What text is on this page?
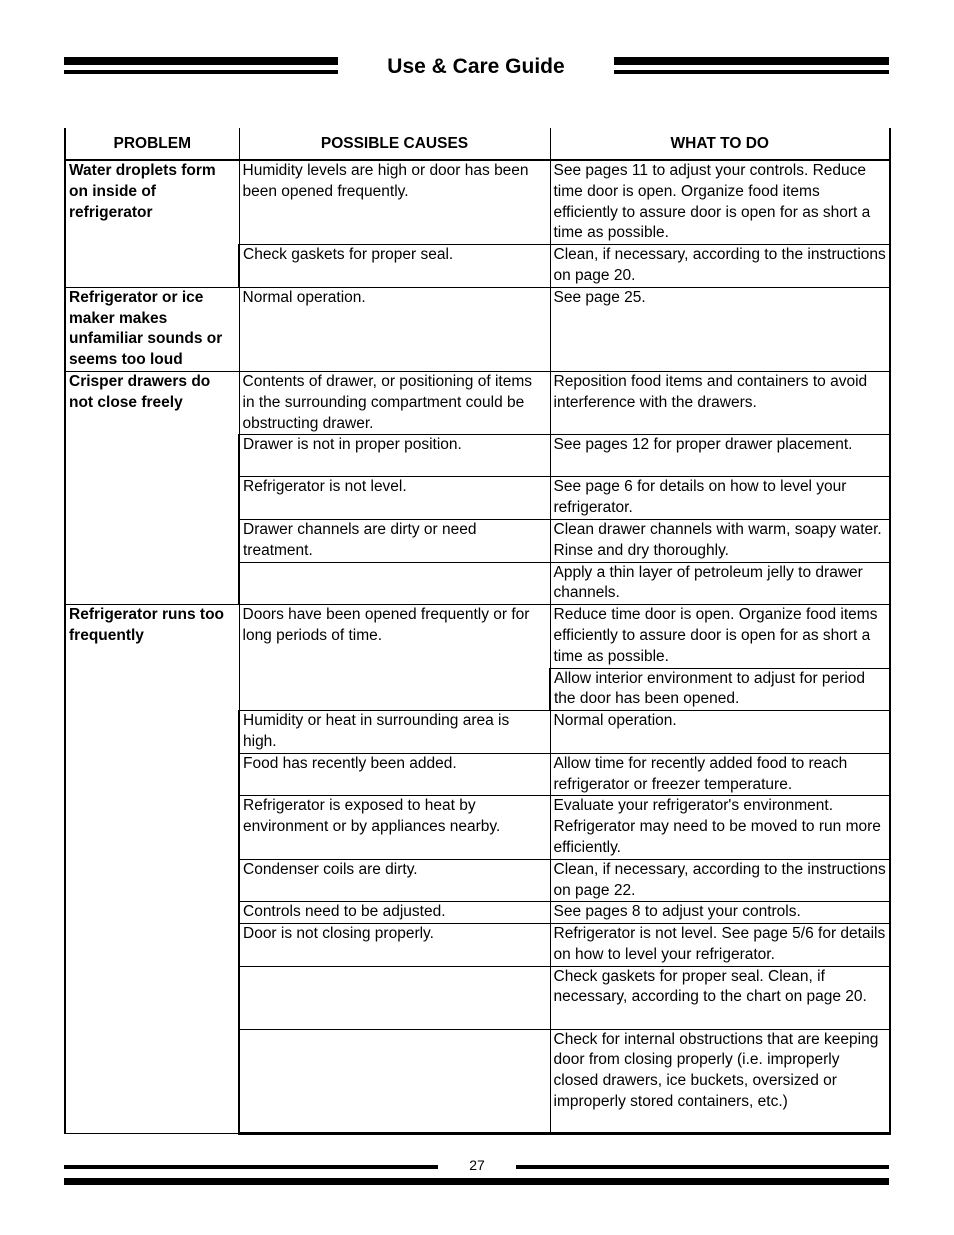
Use & Care Guide
PROBLEM	POSSIBLE CAUSES	WHAT TO DO
Water droplets form on inside of refrigerator	Humidity levels are high or door has been been opened frequently.	See pages 11 to adjust your controls. Reduce time door is open. Organize food items efficiently to assure door is open for as short a time as possible.
	Check gaskets for proper seal.	Clean, if necessary, according to the instructions on page 20.
Refrigerator or ice maker makes unfamiliar sounds or seems too loud	Normal operation.	See page 25.
Crisper drawers do not close freely	Contents of drawer, or positioning of items in the surrounding compartment could be obstructing drawer.	Reposition food items and containers to avoid interference with the drawers.
	Drawer is not in proper position.	See pages 12 for proper drawer placement.
	Refrigerator is not level.	See page 6 for details on how to level your refrigerator.
	Drawer channels are dirty or need treatment.	Clean drawer channels with warm, soapy water. Rinse and dry thoroughly.
		Apply a thin layer of petroleum jelly to drawer channels.
Refrigerator runs too frequently	Doors have been opened frequently or for long periods of time.	Reduce time door is open. Organize food items efficiently to assure door is open for as short a time as possible.
		Allow interior environment to adjust for period the door has been opened.
	Humidity or heat in surrounding area is high.	Normal operation.
	Food has recently been added.	Allow time for recently added food to reach refrigerator or freezer temperature.
	Refrigerator is exposed to heat by environment or by appliances nearby.	Evaluate your refrigerator's environment. Refrigerator may need to be moved to run more efficiently.
	Condenser coils are dirty.	Clean, if necessary, according to the instructions on page 22.
	Controls need to be adjusted.	See pages 8 to adjust your controls.
	Door is not closing properly.	Refrigerator is not level. See page 5/6 for details on how to level your refrigerator.
		Check gaskets for proper seal. Clean, if necessary, according to the chart on page 20.
		Check for internal obstructions that are keeping door from closing properly (i.e. improperly closed drawers, ice buckets, oversized or improperly stored containers, etc.)
27
